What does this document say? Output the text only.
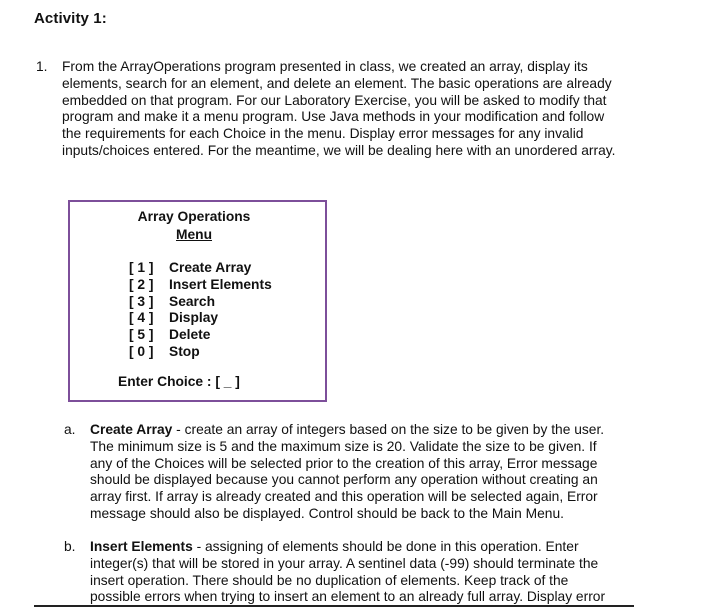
Activity 1:
1. From the ArrayOperations program presented in class, we created an array, display its
elements, search for an element, and delete an element. The basic operations are already
embedded on that program. For our Laboratory Exercise, you will be asked to modify that
program and make it a menu program. Use Java methods in your modification and follow
the requirements for each Choice in the menu. Display error messages for any invalid
inputs/choices entered. For the meantime, we will be dealing here with an unordered array.
Array Operations
Menu
[ 1 ] Create Array
[ 2 ] Insert Elements
[ 3 ] Search
[ 4 ] Display
[ 5 ] Delete
[ 0 ] Stop
Enter Choice : [ _ ]
a. Create Array - create an array of integers based on the size to be given by the user.
The minimum size is 5 and the maximum size is 20. Validate the size to be given. If
any of the Choices will be selected prior to the creation of this array, Error message
should be displayed because you cannot perform any operation without creating an
array first. If array is already created and this operation will be selected again, Error
message should also be displayed. Control should be back to the Main Menu.
b. Insert Elements - assigning of elements should be done in this operation. Enter
integer(s) that will be stored in your array. A sentinel data (-99) should terminate the
insert operation. There should be no duplication of elements. Keep track of the
possible errors when trying to insert an element to an already full array. Display error
